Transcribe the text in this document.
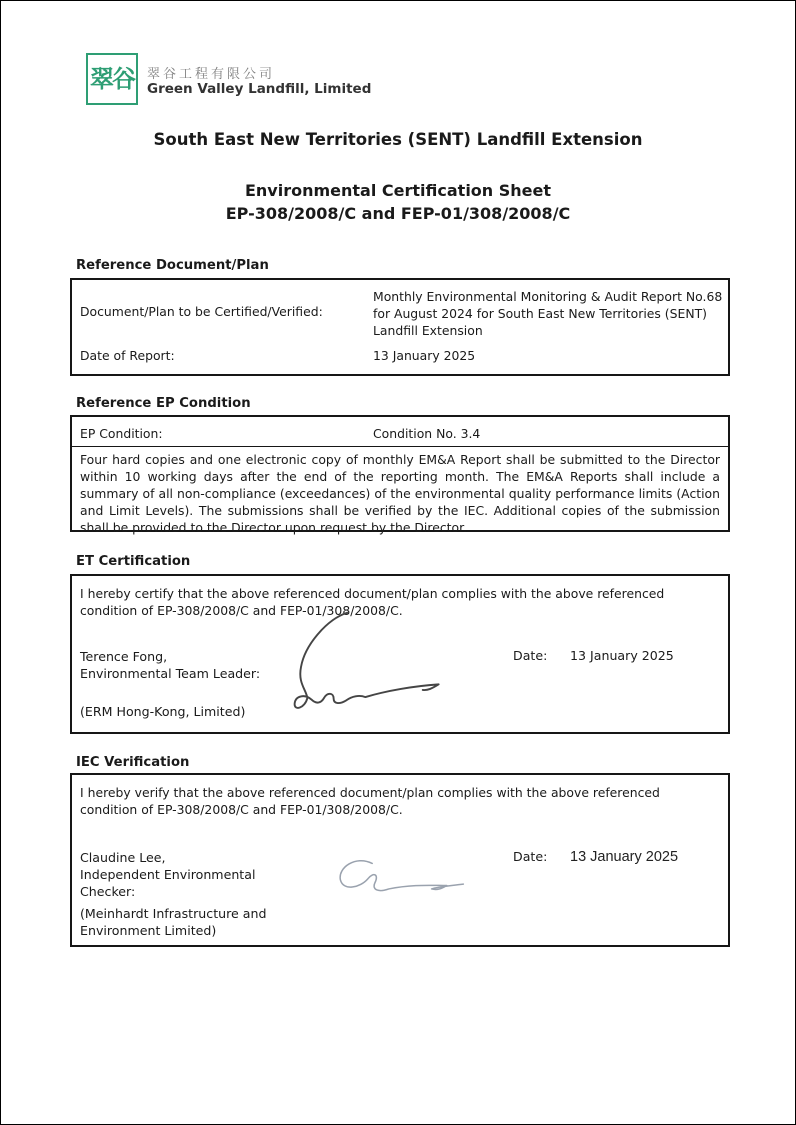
翠谷 翠谷工程有限公司
Green Valley Landfill, Limited
South East New Territories (SENT) Landfill Extension
Environmental Certification Sheet
EP-308/2008/C and FEP-01/308/2008/C
Reference Document/Plan
Document/Plan to be Certified/Verified:
Monthly Environmental Monitoring & Audit Report No.68 for August 2024 for South East New Territories (SENT) Landfill Extension
Date of Report:	13 January 2025
Reference EP Condition
EP Condition:	Condition No. 3.4
Four hard copies and one electronic copy of monthly EM&A Report shall be submitted to the Director within 10 working days after the end of the reporting month. The EM&A Reports shall include a summary of all non-compliance (exceedances) of the environmental quality performance limits (Action and Limit Levels). The submissions shall be verified by the IEC. Additional copies of the submission shall be provided to the Director upon request by the Director.
ET Certification
I hereby certify that the above referenced document/plan complies with the above referenced condition of EP-308/2008/C and FEP-01/308/2008/C.
Terence Fong,
Environmental Team Leader:
Date: 13 January 2025
(ERM Hong-Kong, Limited)
IEC Verification
I hereby verify that the above referenced document/plan complies with the above referenced condition of EP-308/2008/C and FEP-01/308/2008/C.
Claudine Lee,
Independent Environmental Checker:
Date: 13 January 2025
(Meinhardt Infrastructure and Environment Limited)
